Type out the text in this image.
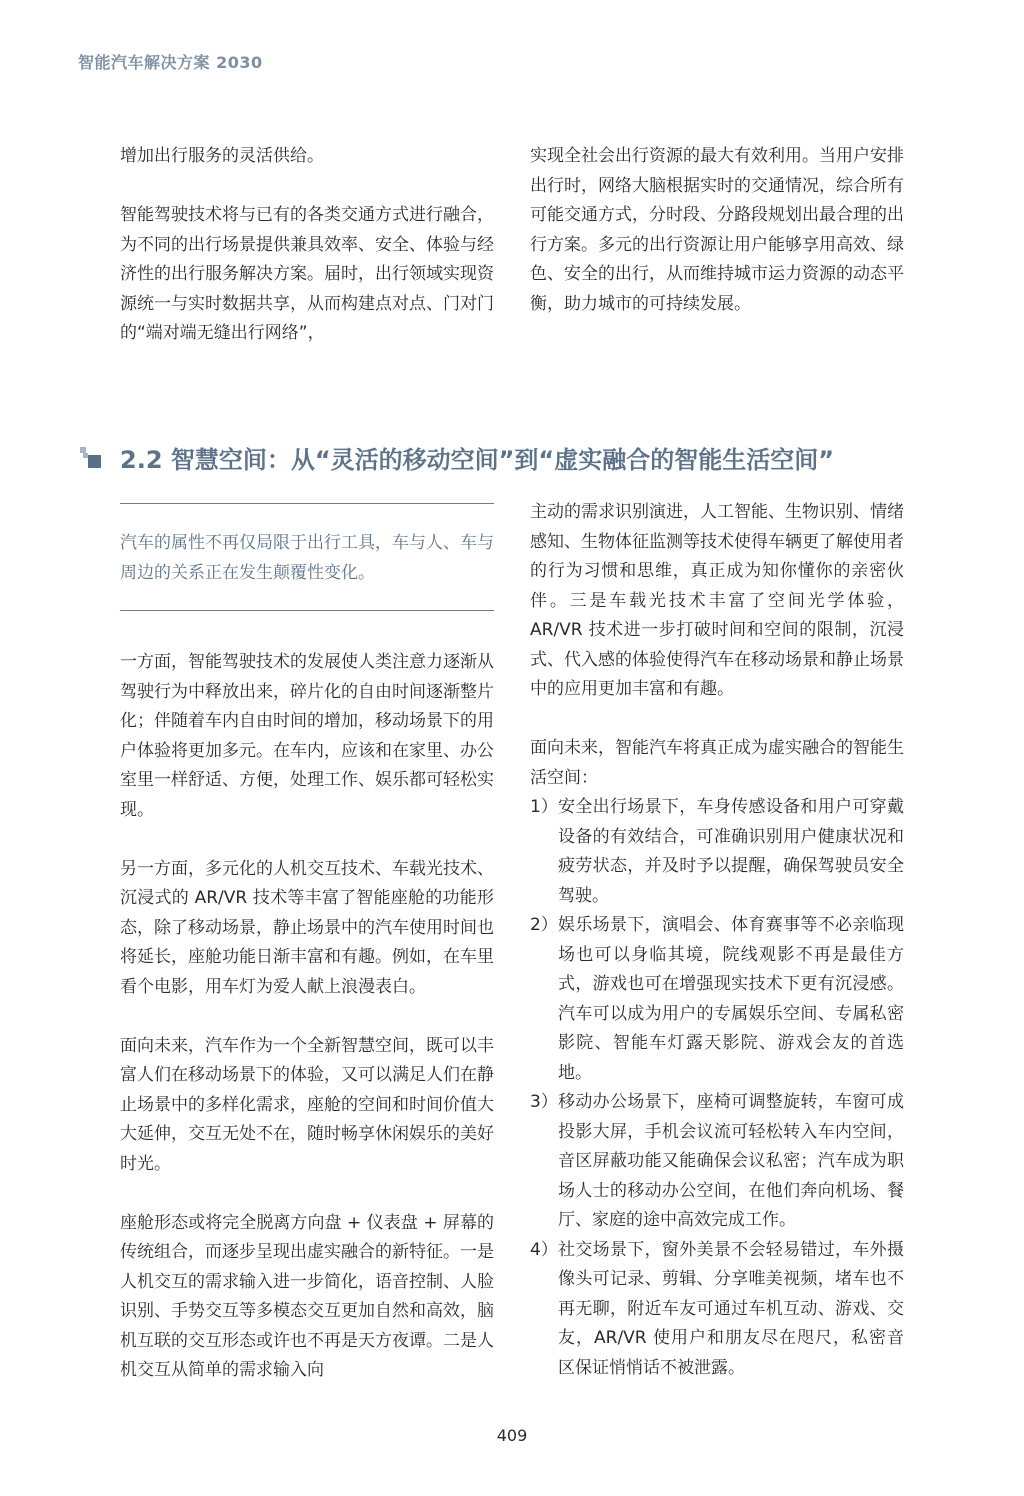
智能汽车解决方案 2030

增加出行服务的灵活供给。

智能驾驶技术将与已有的各类交通方式进行融合，为不同的出行场景提供兼具效率、安全、体验与经济性的出行服务解决方案。届时，出行领域实现资源统一与实时数据共享，从而构建点对点、门对门的“端对端无缝出行网络”，

实现全社会出行资源的最大有效利用。当用户安排出行时，网络大脑根据实时的交通情况，综合所有可能交通方式，分时段、分路段规划出最合理的出行方案。多元的出行资源让用户能够享用高效、绿色、安全的出行，从而维持城市运力资源的动态平衡，助力城市的可持续发展。

2.2 智慧空间：从“灵活的移动空间”到“虚实融合的智能生活空间”
汽车的属性不再仅局限于出行工具，车与人、车与周边的关系正在发生颠覆性变化。

一方面，智能驾驶技术的发展使人类注意力逐渐从驾驶行为中释放出来，碎片化的自由时间逐渐整片化；伴随着车内自由时间的增加，移动场景下的用户体验将更加多元。在车内，应该和在家里、办公室里一样舒适、方便，处理工作、娱乐都可轻松实现。

另一方面，多元化的人机交互技术、车载光技术、沉浸式的 AR/VR 技术等丰富了智能座舱的功能形态，除了移动场景，静止场景中的汽车使用时间也将延长，座舱功能日渐丰富和有趣。例如，在车里看个电影，用车灯为爱人献上浪漫表白。

面向未来，汽车作为一个全新智慧空间，既可以丰富人们在移动场景下的体验，又可以满足人们在静止场景中的多样化需求，座舱的空间和时间价值大大延伸，交互无处不在，随时畅享休闲娱乐的美好时光。

座舱形态或将完全脱离方向盘 + 仪表盘 + 屏幕的传统组合，而逐步呈现出虚实融合的新特征。一是人机交互的需求输入进一步简化，语音控制、人脸识别、手势交互等多模态交互更加自然和高效，脑机互联的交互形态或许也不再是天方夜谭。二是人机交互从简单的需求输入向

主动的需求识别演进，人工智能、生物识别、情绪感知、生物体征监测等技术使得车辆更了解使用者的行为习惯和思维，真正成为知你懂你的亲密伙伴。三是车载光技术丰富了空间光学体验，AR/VR 技术进一步打破时间和空间的限制，沉浸式、代入感的体验使得汽车在移动场景和静止场景中的应用更加丰富和有趣。

面向未来，智能汽车将真正成为虚实融合的智能生活空间：

1） 安全出行场景下，车身传感设备和用户可穿戴设备的有效结合，可准确识别用户健康状况和疲劳状态，并及时予以提醒，确保驾驶员安全驾驶。
2） 娱乐场景下，演唱会、体育赛事等不必亲临现场也可以身临其境，院线观影不再是最佳方式，游戏也可在增强现实技术下更有沉浸感。汽车可以成为用户的专属娱乐空间、专属私密影院、智能车灯露天影院、游戏会友的首选地。
3） 移动办公场景下，座椅可调整旋转，车窗可成投影大屏，手机会议流可轻松转入车内空间，音区屏蔽功能又能确保会议私密；汽车成为职场人士的移动办公空间，在他们奔向机场、餐厅、家庭的途中高效完成工作。
4） 社交场景下，窗外美景不会轻易错过，车外摄像头可记录、剪辑、分享唯美视频，堵车也不再无聊，附近车友可通过车机互动、游戏、交友，AR/VR 使用户和朋友尽在咫尺，私密音区保证悄悄话不被泄露。
409
